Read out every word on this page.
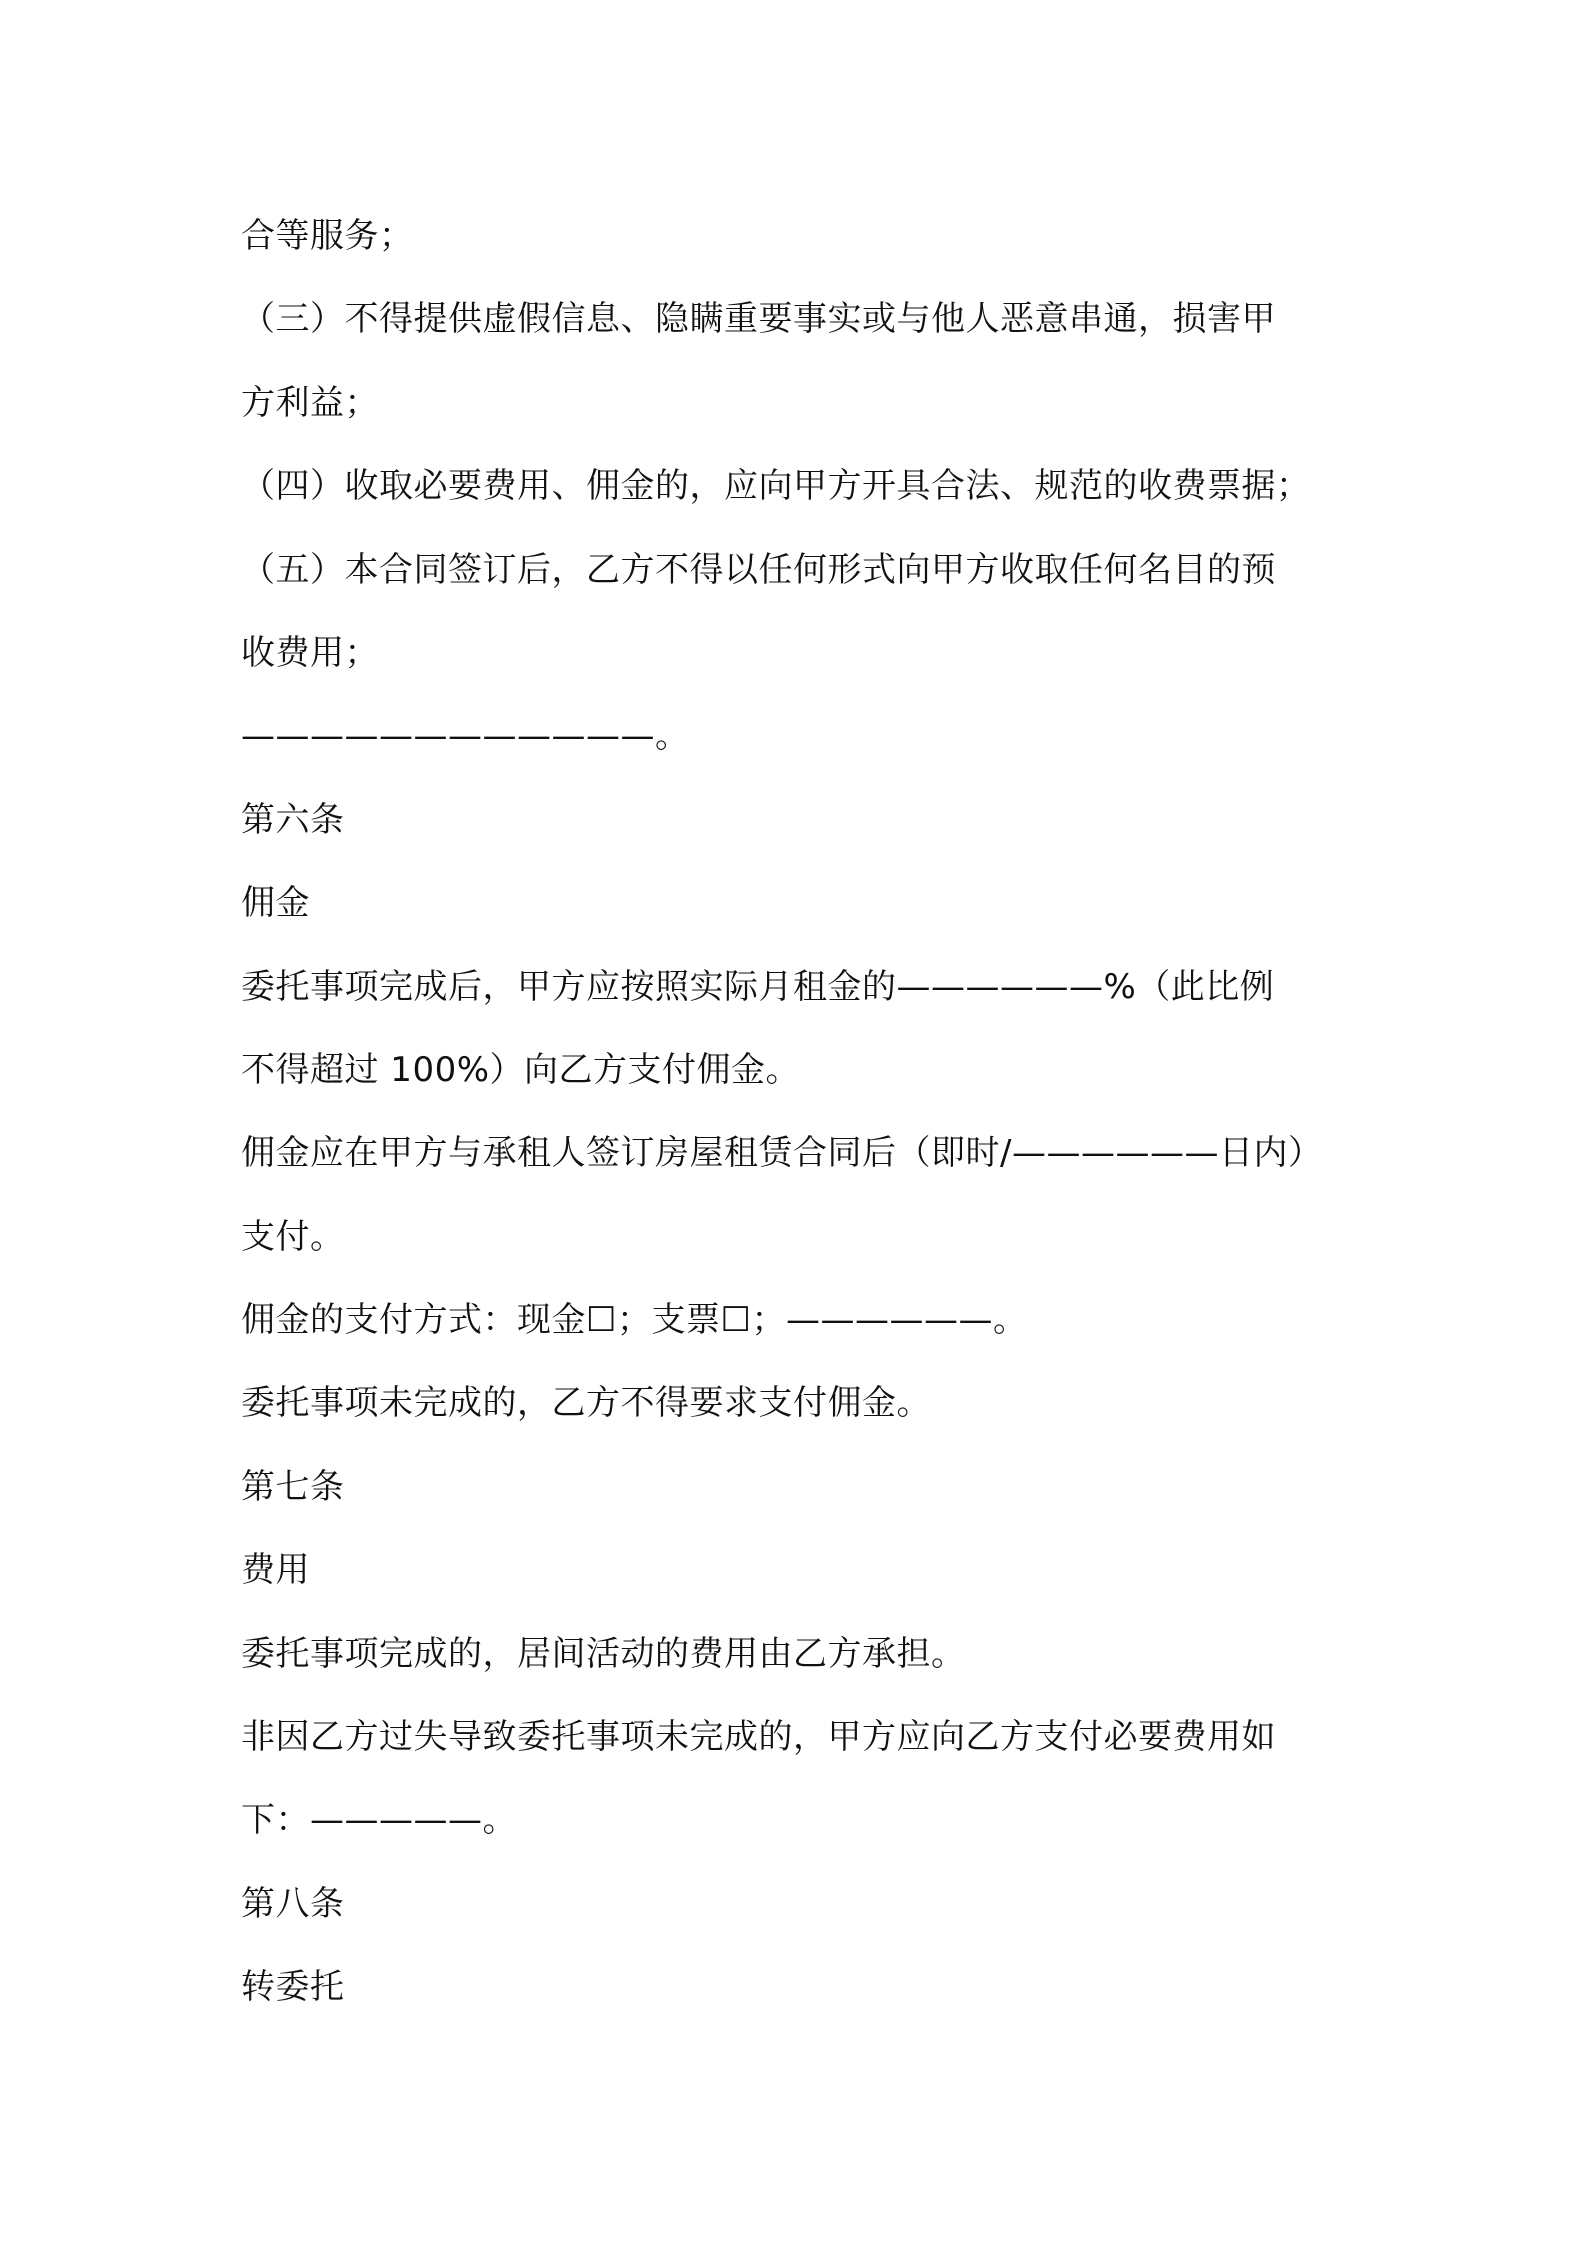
合等服务；
（三）不得提供虚假信息、隐瞒重要事实或与他人恶意串通，损害甲
方利益；
（四）收取必要费用、佣金的，应向甲方开具合法、规范的收费票据；
（五）本合同签订后，乙方不得以任何形式向甲方收取任何名目的预
收费用；
————————————。
第六条
佣金
委托事项完成后，甲方应按照实际月租金的——————%（此比例
不得超过 100%）向乙方支付佣金。
佣金应在甲方与承租人签订房屋租赁合同后（即时/——————日内）
支付。
佣金的支付方式：现金☐；支票☐；——————。
委托事项未完成的，乙方不得要求支付佣金。
第七条
费用
委托事项完成的，居间活动的费用由乙方承担。
非因乙方过失导致委托事项未完成的，甲方应向乙方支付必要费用如
下：—————。
第八条
转委托
